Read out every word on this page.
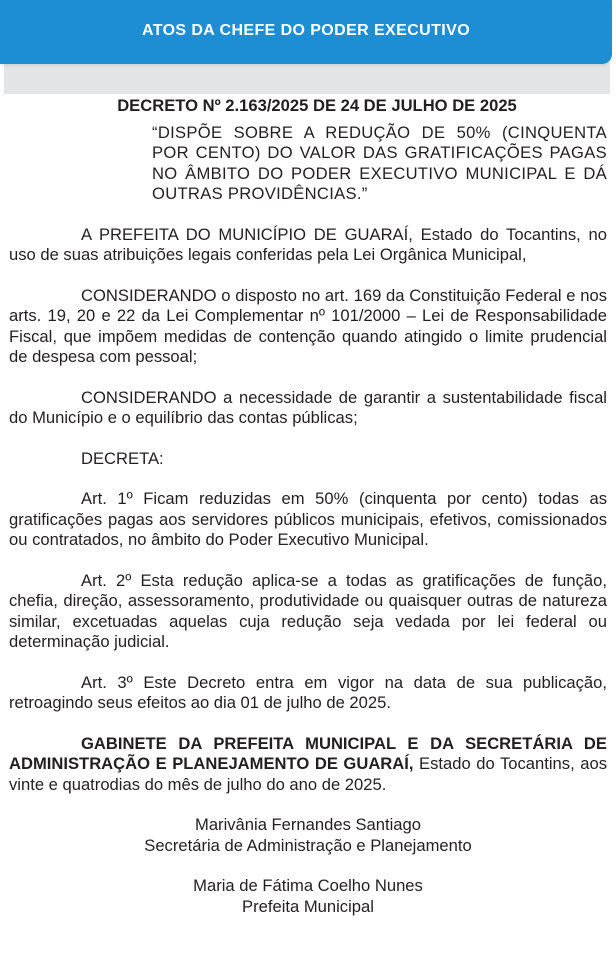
ATOS DA CHEFE DO PODER EXECUTIVO
DECRETO Nº 2.163/2025 DE 24 DE JULHO DE 2025
“DISPÕE SOBRE A REDUÇÃO DE 50% (CINQUENTA POR CENTO) DO VALOR DAS GRATIFICAÇÕES PAGAS NO ÂMBITO DO PODER EXECUTIVO MUNICIPAL E DÁ OUTRAS PROVIDÊNCIAS.”

A PREFEITA DO MUNICÍPIO DE GUARAÍ, Estado do Tocantins, no uso de suas atribuições legais conferidas pela Lei Orgânica Municipal,

CONSIDERANDO o disposto no art. 169 da Constituição Federal e nos arts. 19, 20 e 22 da Lei Complementar nº 101/2000 – Lei de Responsabilidade Fiscal, que impõem medidas de contenção quando atingido o limite prudencial de despesa com pessoal;

CONSIDERANDO a necessidade de garantir a sustentabilidade fiscal do Município e o equilíbrio das contas públicas;

DECRETA:

Art. 1º Ficam reduzidas em 50% (cinquenta por cento) todas as gratificações pagas aos servidores públicos municipais, efetivos, comissionados ou contratados, no âmbito do Poder Executivo Municipal.

Art. 2º Esta redução aplica-se a todas as gratificações de função, chefia, direção, assessoramento, produtividade ou quaisquer outras de natureza similar, excetuadas aquelas cuja redução seja vedada por lei federal ou determinação judicial.

Art. 3º Este Decreto entra em vigor na data de sua publicação, retroagindo seus efeitos ao dia 01 de julho de 2025.

GABINETE DA PREFEITA MUNICIPAL E DA SECRETÁRIA DE ADMINISTRAÇÃO E PLANEJAMENTO DE GUARAÍ, Estado do Tocantins, aos vinte e quatrodias do mês de julho do ano de 2025.

Marivânia Fernandes Santiago
Secretária de Administração e Planejamento
Maria de Fátima Coelho Nunes
Prefeita Municipal
